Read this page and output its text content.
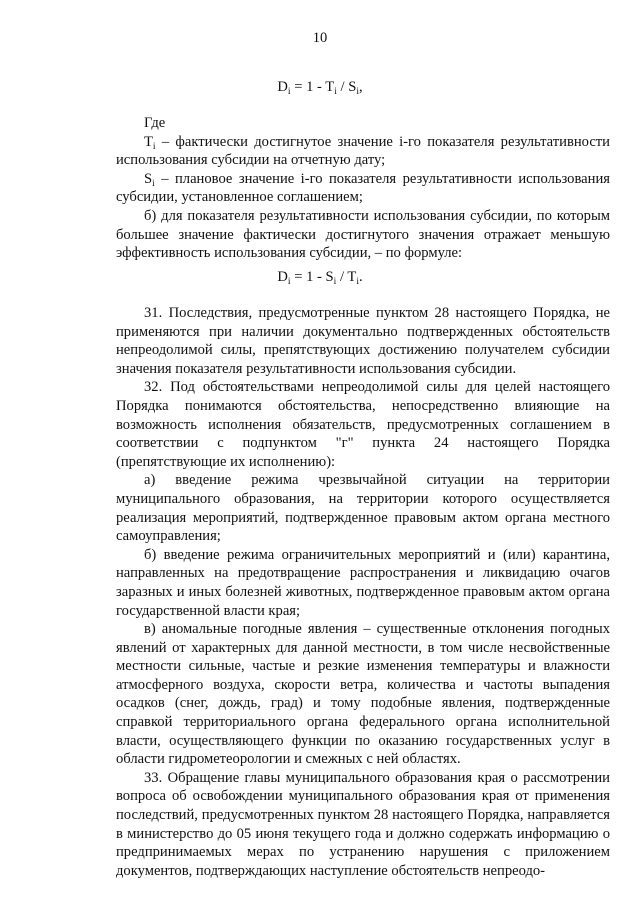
10
$D_i = 1 - T_i / S_i$,

Где

$T_i$ – фактически достигнутое значение i-го показателя результативности использования субсидии на отчетную дату;

$S_i$ – плановое значение i-го показателя результативности использования субсидии, установленное соглашением;

б) для показателя результативности использования субсидии, по которым большее значение фактически достигнутого значения отражает меньшую эффективность использования субсидии, – по формуле:

$D_i = 1 - S_i / T_i$.

31. Последствия, предусмотренные пунктом 28 настоящего Порядка, не применяются при наличии документально подтвержденных обстоятельств непреодолимой силы, препятствующих достижению получателем субсидии значения показателя результативности использования субсидии.

32. Под обстоятельствами непреодолимой силы для целей настоящего Порядка понимаются обстоятельства, непосредственно влияющие на возможность исполнения обязательств, предусмотренных соглашением в соответствии с подпунктом "г" пункта 24 настоящего Порядка (препятствующие их исполнению):

а) введение режима чрезвычайной ситуации на территории муниципального образования, на территории которого осуществляется реализация мероприятий, подтвержденное правовым актом органа местного самоуправления;

б) введение режима ограничительных мероприятий и (или) карантина, направленных на предотвращение распространения и ликвидацию очагов заразных и иных болезней животных, подтвержденное правовым актом органа государственной власти края;

в) аномальные погодные явления – существенные отклонения погодных явлений от характерных для данной местности, в том числе несвойственные местности сильные, частые и резкие изменения температуры и влажности атмосферного воздуха, скорости ветра, количества и частоты выпадения осадков (снег, дождь, град) и тому подобные явления, подтвержденные справкой территориального органа федерального органа исполнительной власти, осуществляющего функции по оказанию государственных услуг в области гидрометеорологии и смежных с ней областях.

33. Обращение главы муниципального образования края о рассмотрении вопроса об освобождении муниципального образования края от применения последствий, предусмотренных пунктом 28 настоящего Порядка, направляется в министерство до 05 июня текущего года и должно содержать информацию о предпринимаемых мерах по устранению нарушения с приложением документов, подтверждающих наступление обстоятельств непреодо-
